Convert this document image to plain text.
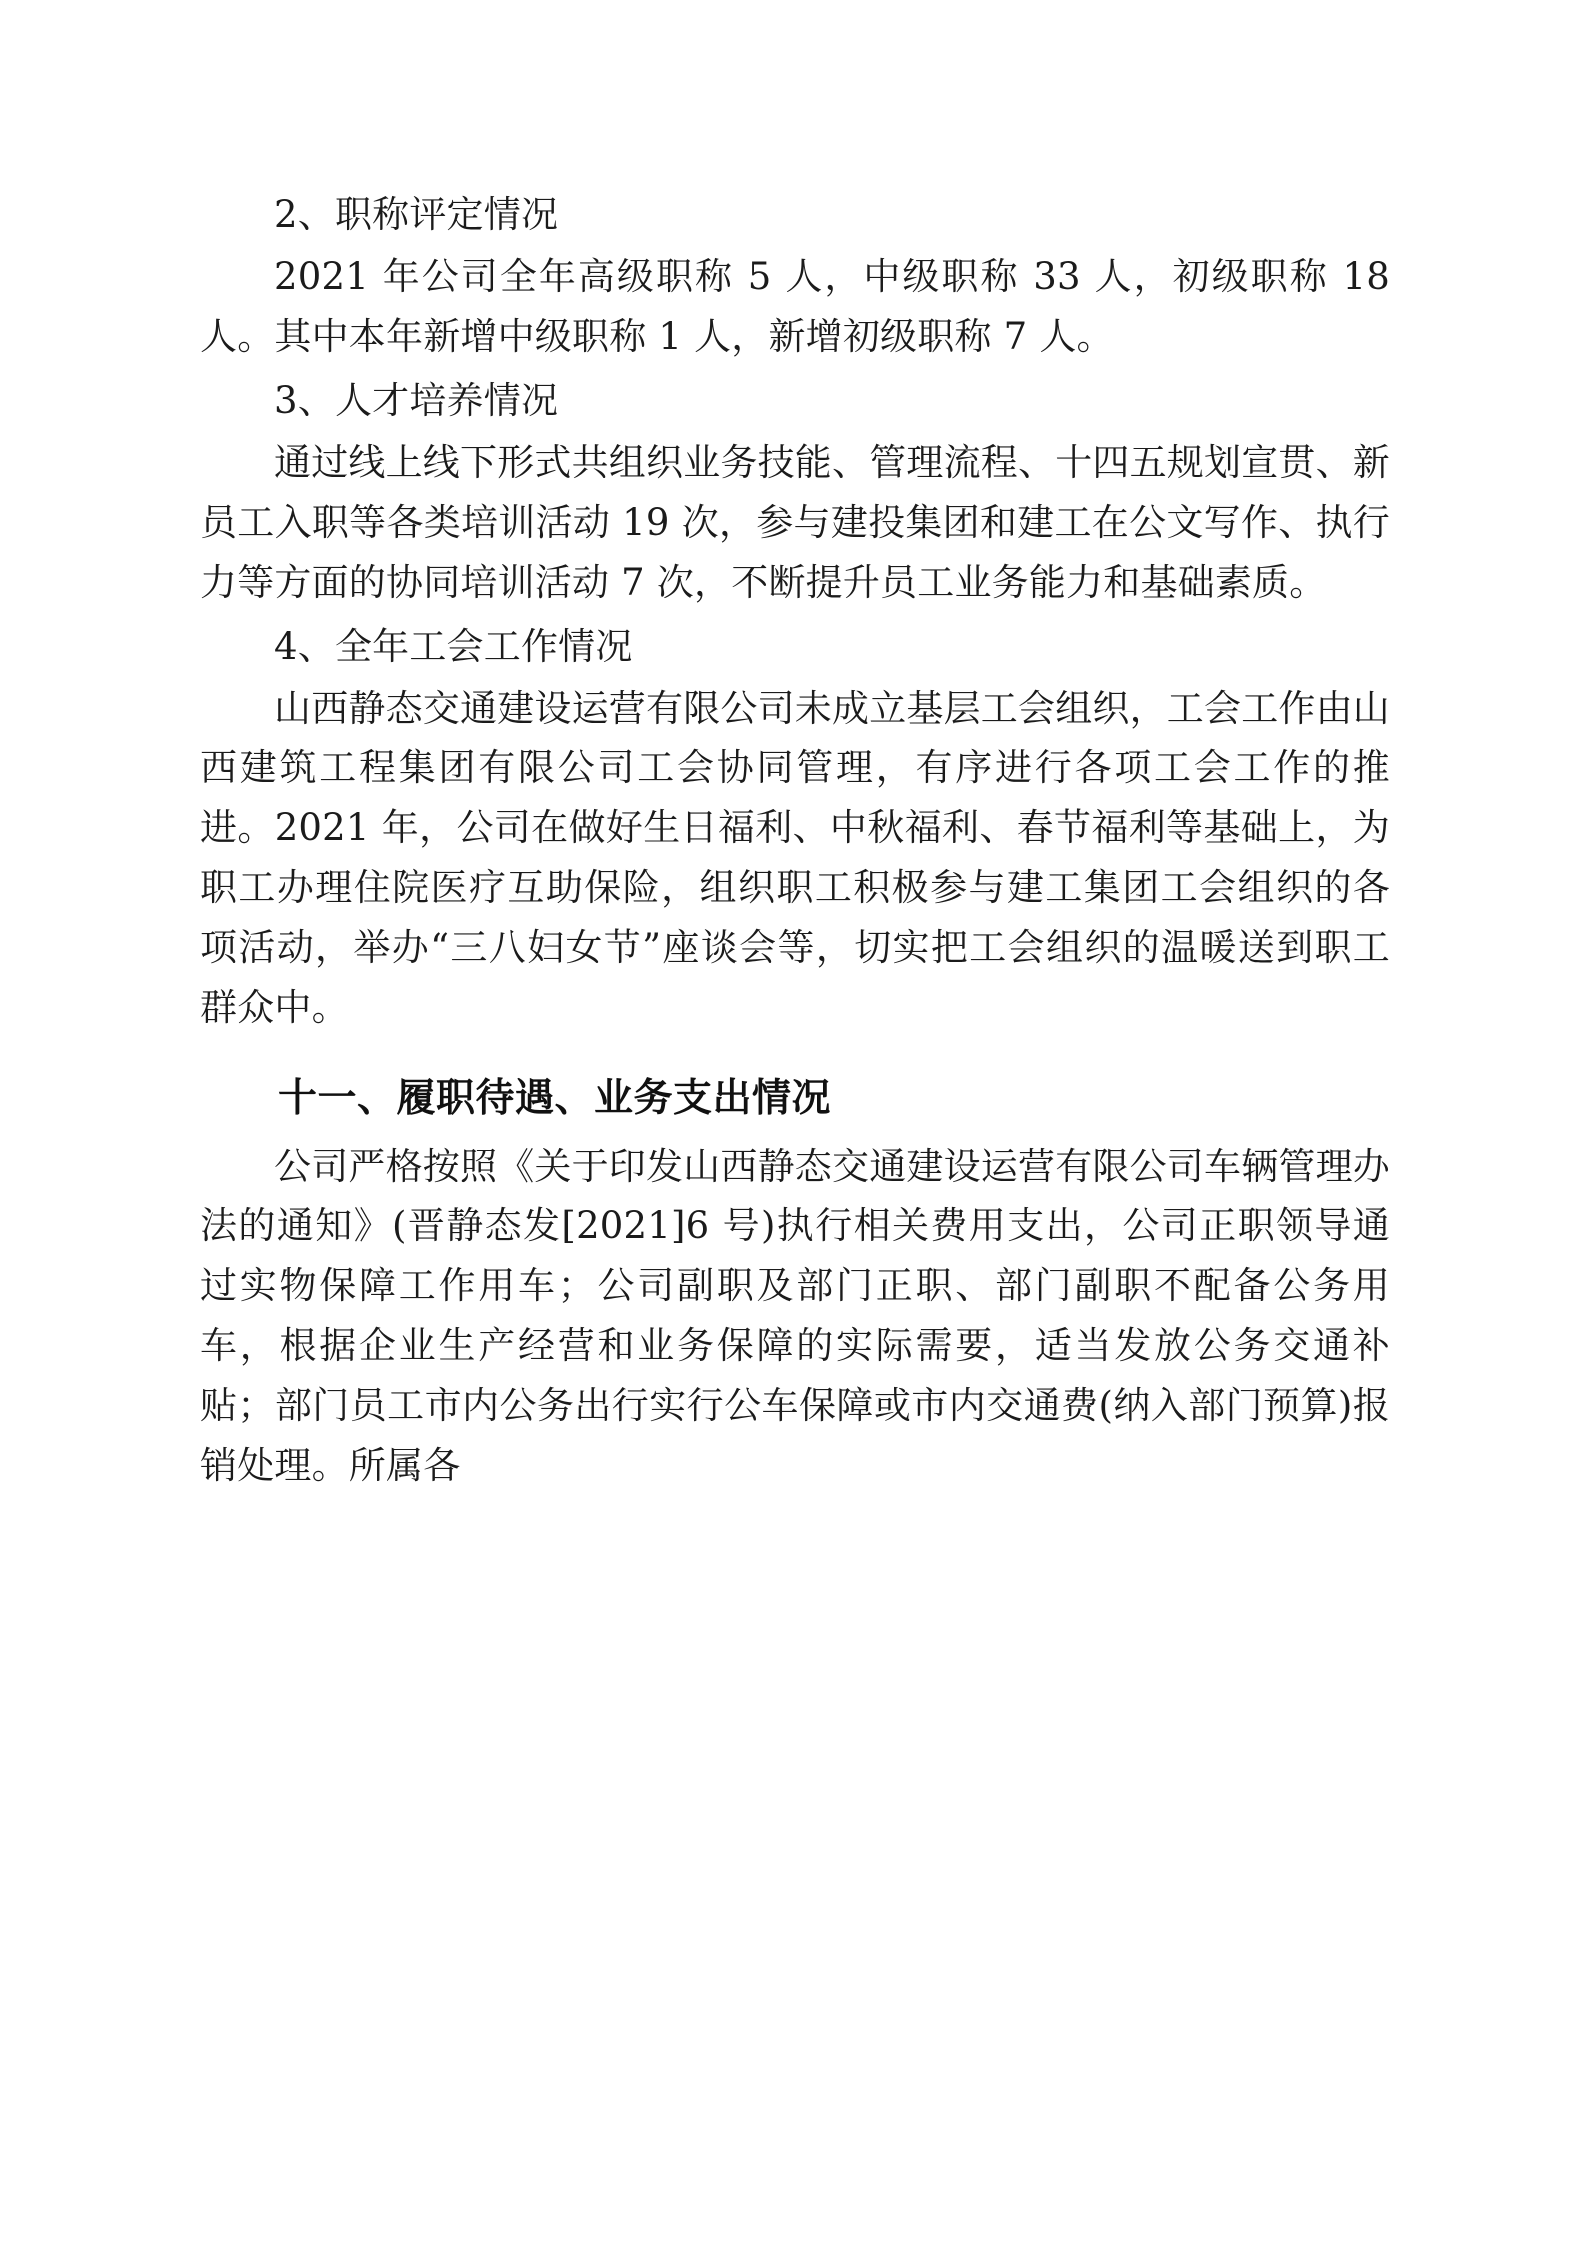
2、职称评定情况

2021 年公司全年高级职称 5 人，中级职称 33 人，初级职称 18 人。其中本年新增中级职称 1 人，新增初级职称 7 人。

3、人才培养情况

通过线上线下形式共组织业务技能、管理流程、十四五规划宣贯、新员工入职等各类培训活动 19 次，参与建投集团和建工在公文写作、执行力等方面的协同培训活动 7 次，不断提升员工业务能力和基础素质。

4、全年工会工作情况

山西静态交通建设运营有限公司未成立基层工会组织，工会工作由山西建筑工程集团有限公司工会协同管理，有序进行各项工会工作的推进。2021 年，公司在做好生日福利、中秋福利、春节福利等基础上，为职工办理住院医疗互助保险，组织职工积极参与建工集团工会组织的各项活动，举办“三八妇女节”座谈会等，切实把工会组织的温暖送到职工群众中。

十一、履职待遇、业务支出情况

公司严格按照《关于印发山西静态交通建设运营有限公司车辆管理办法的通知》(晋静态发[2021]6 号)执行相关费用支出，公司正职领导通过实物保障工作用车；公司副职及部门正职、部门副职不配备公务用车，根据企业生产经营和业务保障的实际需要，适当发放公务交通补贴；部门员工市内公务出行实行公车保障或市内交通费(纳入部门预算)报销处理。所属各
